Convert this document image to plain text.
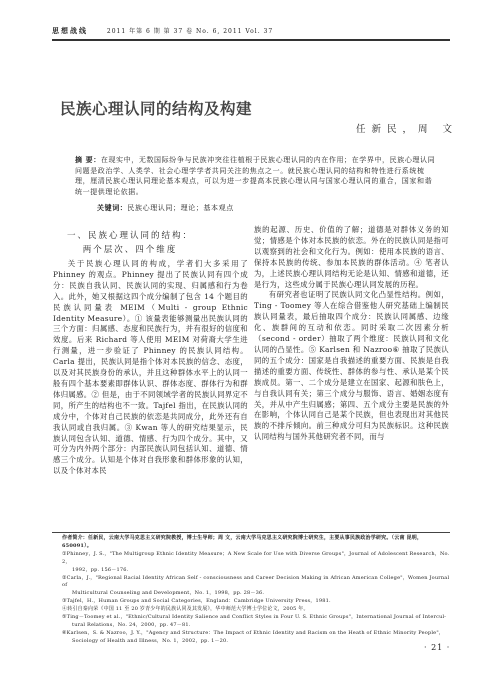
思想战线	2011 年第 6 期 第 37 卷 No. 6, 2011 Vol. 37
民族心理认同的结构及构建
任新民，周 文
摘 要：在现实中，无数国际纷争与民族冲突往往植根于民族心理认同的内在作用；在学界中，民族心理认同问题是政治学、人类学、社会心理学学者共同关注的焦点之一。就民族心理认同的结构和特性进行系统梳理，厘清民族心理认同理论基本观点，可以为进一步提高本民族心理认同与国家心理认同的重合，国家和谐统一提供理论依据。
关键词：民族心理认同；理论；基本观点
一、民族心理认同的结构：
两个层次、四个维度

关于民族心理认同的构成，学者们大多采用了 Phinney 的观点。Phinney 提出了民族认同有四个成分：民族自我认同、民族认同的实现、归属感和行为卷入。此外，她又根据这四个成分编制了包含 14 个题目的民族认同量表 MEIM（Multi - group Ethnic Identity Measure）。① 该量表能够测量出民族认同的三个方面：归属感、态度和民族行为，并有很好的信度和效度。后来 Richard 等人使用 MEIM 对荷裔大学生进行测量，进一步验证了 Phinney 的民族认同结构。Carla 提出，民族认同是指个体对本民族的信念、态度，以及对其民族身份的承认，并且这种群体水平上的认同一般有四个基本要素即群体认识、群体态度、群体行为和群体归属感。② 但是，由于不同领域学者的民族认同界定不同，所产生的结构也不一致。Tajfel 指出，在民族认同的成分中，个体对自己民族的依恋是共同成分，此外还有自我认同或自我归属。③ Kwan 等人的研究结果显示，民族认同包含认知、道德、情感、行为四个成分。其中，又可分为内外两个部分：内部民族认同包括认知、道德、情感三个成分。认知是个体对自我形象和群体形象的认知，以及个体对本民

族的起源、历史、价值的了解；道德是对群体义务的知觉；情感是个体对本民族的依恋。外在的民族认同是指可以观察到的社会和文化行为。例如：使用本民族的语言、保持本民族的传统、参加本民族的群体活动。④ 笔者认为，上述民族心理认同结构无论是认知、情感和道德，还是行为，这些成分属于民族心理认同发展的历程。

有研究者也证明了民族认同文化凸显性结构。例如，Ting - Toomey 等人在综合借鉴他人研究基础上编制民族认同量表，最后抽取四个成分：民族认同属感、边缘化、族群间的互动和依恋。同时采取二次因素分析（second - order）抽取了两个维度：民族认同和文化认同的凸显性。⑤ Karlsen 和 Nazroo⑥ 抽取了民族认同的五个成分：国家是自我描述的重要方面、民族是自我描述的重要方面、传统性、群体的参与性、承认是某个民族成员。第一、二个成分是建立在国家、起源和肤色上，与自我认同有关；第三个成分与服饰、语言、婚姻态度有关，并从中产生归属感；第四、五个成分主要是民族的外在影响，个体认同自己是某个民族，但也表现出对其他民族的不排斥倾向。前三种成分可归为民族标识。这种民族认同结构与国外其他研究者不同，而与

作者简介：任新民，云南大学马克思主义研究院教授，博士生导师；周 文，云南大学马克思主义研究院博士研究生，主要从事民族政治学研究。（云南 昆明，650091）。

①Phinney，J. S.，"The Multigroup Ethnic Identity Measure；A New Scale for Use with Diverse Groups"，Journal of Adolescent Research，No. 2，

1992，pp. 156－176.

②Carla，J.，"Regional Racial Identity African Self - consciousness and Career Decision Making in African American College"，Women Journal of

Multicultural Counseling and Development，No. 1，1998，pp. 28－36.

③Tajfel，H.，Human Groups and Social Categories，England：Cambridge University Press，1981.

④转引自秦向荣《中国 11 至 20 岁青少年的民族认同及其发展》，华中师范大学博士学位论文，2005 年。

⑤Ting－Toomey et al.，"Ethnic/Cultural Identity Salience and Conflict Styles in Four U. S. Ethnic Groups"，International Journal of Intercul-

tural Relations，No. 24，2000，pp. 47－81.

⑥Karlsen，S. & Nazroo，J. Y.，"Agency and Structure：The Impact of Ethnic Identity and Racism on the Heath of Ethnic Minority People"，

Sociology of Health and Illness，No. 1，2002，pp. 1－20.

· 21 ·
